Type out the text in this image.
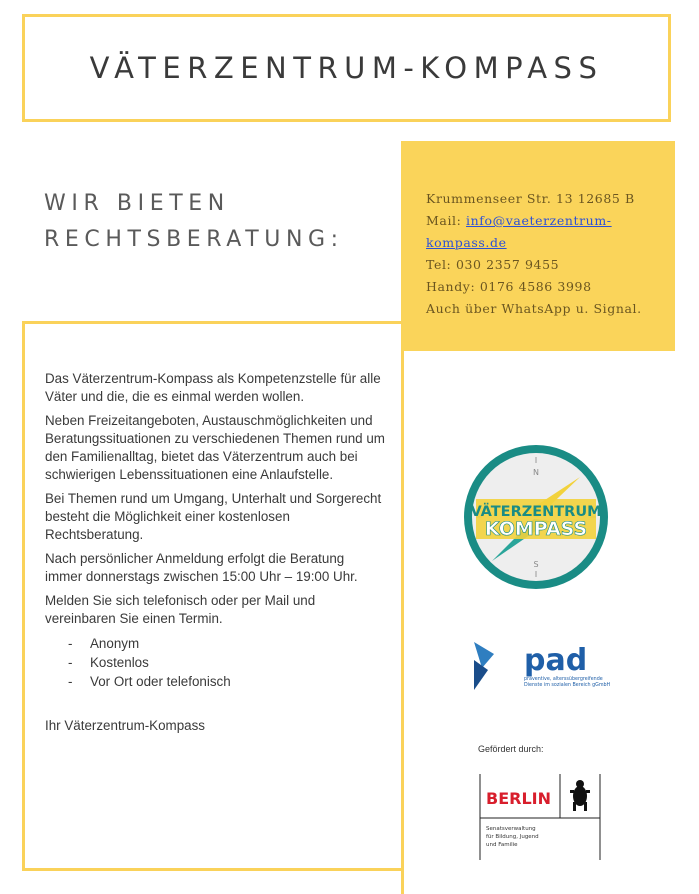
VÄTERZENTRUM-KOMPASS
WIR BIETEN
RECHTSBERATUNG:
Krummenseer Str. 13 12685 B
Mail: info@vaeterzentrum-
kompass.de
Tel: 030 2357 9455
Handy: 0176 4586 3998
Auch über WhatsApp u. Signal.

Das Väterzentrum-Kompass als Kompetenzstelle für alle Väter und die, die es einmal werden wollen.

Neben Freizeitangeboten, Austauschmöglichkeiten und Beratungssituationen zu verschiedenen Themen rund um den Familienalltag, bietet das Väterzentrum auch bei schwierigen Lebenssituationen eine Anlaufstelle.

Bei Themen rund um Umgang, Unterhalt und Sorgerecht besteht die Möglichkeit einer kostenlosen Rechtsberatung.

Nach persönlicher Anmeldung erfolgt die Beratung immer donnerstags zwischen 15:00 Uhr – 19:00 Uhr.

Melden Sie sich telefonisch oder per Mail und vereinbaren Sie einen Termin.

-	Anonym
-	Kostenlos
-	Vor Ort oder telefonisch

Ihr Väterzentrum-Kompass

N
S
VÄTERZENTRUM
KOMPASS
pad
präventive, alterssübergreifende
Dienste im sozialen Bereich gGmbH
Gefördert durch:
BERLIN
Senatsverwaltung
für Bildung, Jugend
und Familie
